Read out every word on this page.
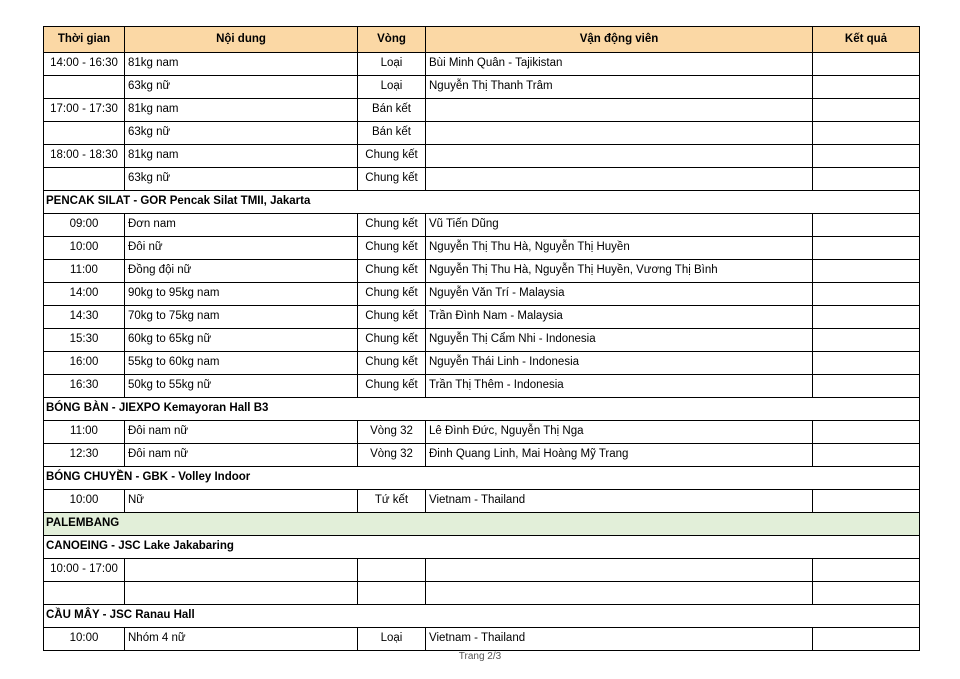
Thời gian	Nội dung	Vòng	Vận động viên	Kết quả
14:00 - 16:30	81kg nam	Loại	Bùi Minh Quân - Tajikistan	
	63kg nữ	Loại	Nguyễn Thị Thanh Trâm	
17:00 - 17:30	81kg nam	Bán kết		
	63kg nữ	Bán kết		
18:00 - 18:30	81kg nam	Chung kết		
	63kg nữ	Chung kết		
PENCAK SILAT - GOR Pencak Silat TMII, Jakarta				
09:00	Đơn nam	Chung kết	Vũ Tiến Dũng	
10:00	Đôi nữ	Chung kết	Nguyễn Thị Thu Hà, Nguyễn Thị Huyền	
11:00	Đồng đội nữ	Chung kết	Nguyễn Thị Thu Hà, Nguyễn Thị Huyền, Vương Thị Bình	
14:00	90kg to 95kg nam	Chung kết	Nguyễn Văn Trí - Malaysia	
14:30	70kg to 75kg nam	Chung kết	Trần Đình Nam - Malaysia	
15:30	60kg to 65kg nữ	Chung kết	Nguyễn Thị Cẩm Nhi - Indonesia	
16:00	55kg to 60kg nam	Chung kết	Nguyễn Thái Linh - Indonesia	
16:30	50kg to 55kg nữ	Chung kết	Trần Thị Thêm - Indonesia	
BÓNG BÀN - JIEXPO Kemayoran Hall B3				
11:00	Đôi nam nữ	Vòng 32	Lê Đình Đức, Nguyễn Thị Nga	
12:30	Đôi nam nữ	Vòng 32	Đinh Quang Linh, Mai Hoàng Mỹ Trang	
BÓNG CHUYỀN - GBK - Volley Indoor				
10:00	Nữ	Tứ kết	Vietnam - Thailand	
PALEMBANG				
CANOEING - JSC Lake Jakabaring				
10:00 - 17:00				

CẦU MÂY - JSC Ranau Hall				
10:00	Nhóm 4 nữ	Loại	Vietnam - Thailand	
Trang 2/3
